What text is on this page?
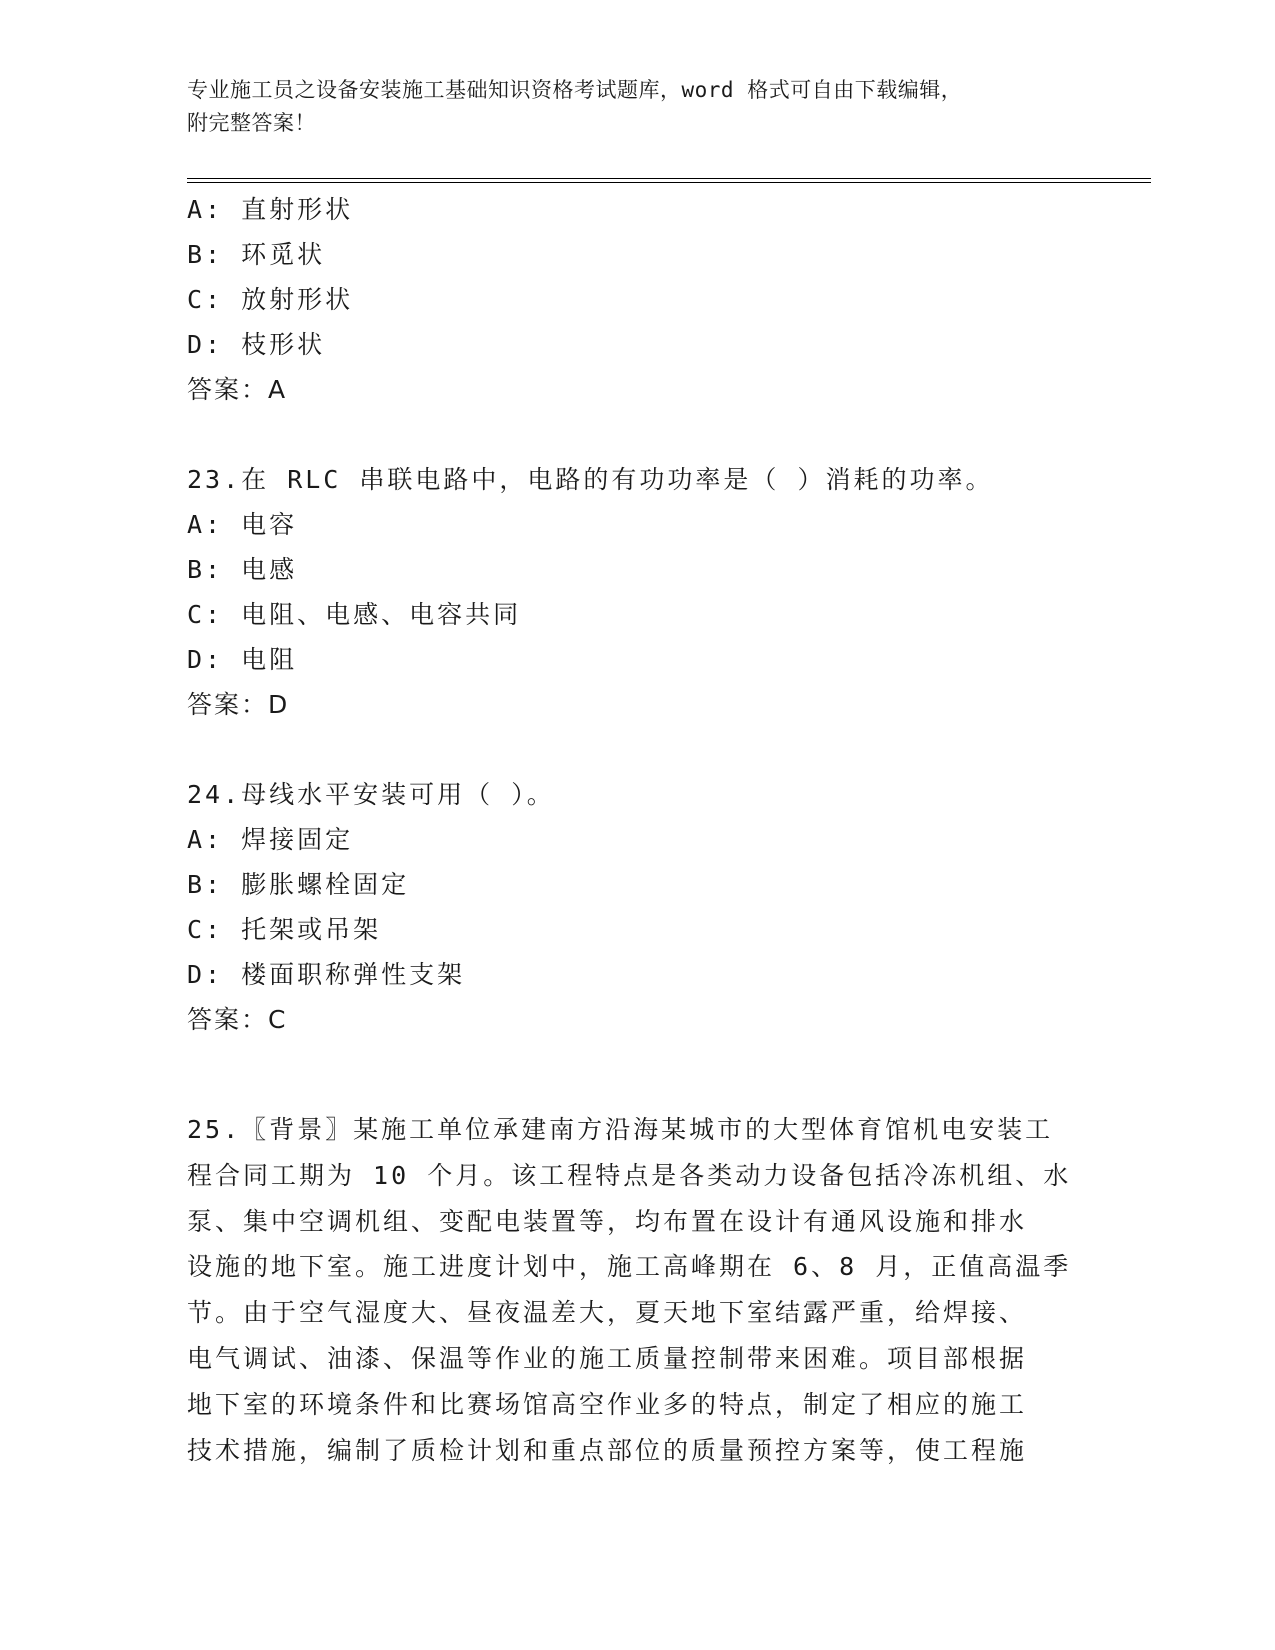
专业施工员之设备安装施工基础知识资格考试题库，word 格式可自由下载编辑，
附完整答案！
A: 直射形状
B: 环觅状
C: 放射形状
D: 枝形状
答案：A
23.在 RLC 串联电路中，电路的有功功率是（ ）消耗的功率。
A: 电容
B: 电感
C: 电阻、电感、电容共同
D: 电阻
答案：D
24.母线水平安装可用（ ）。
A: 焊接固定
B: 膨胀螺栓固定
C: 托架或吊架
D: 楼面职称弹性支架
答案：C
25.〖背景〗某施工单位承建南方沿海某城市的大型体育馆机电安装工
程合同工期为 10 个月。该工程特点是各类动力设备包括冷冻机组、水
泵、集中空调机组、变配电装置等，均布置在设计有通风设施和排水
设施的地下室。施工进度计划中，施工高峰期在 6、8 月，正值高温季
节。由于空气湿度大、昼夜温差大，夏天地下室结露严重，给焊接、
电气调试、油漆、保温等作业的施工质量控制带来困难。项目部根据
地下室的环境条件和比赛场馆高空作业多的特点，制定了相应的施工
技术措施，编制了质检计划和重点部位的质量预控方案等，使工程施
